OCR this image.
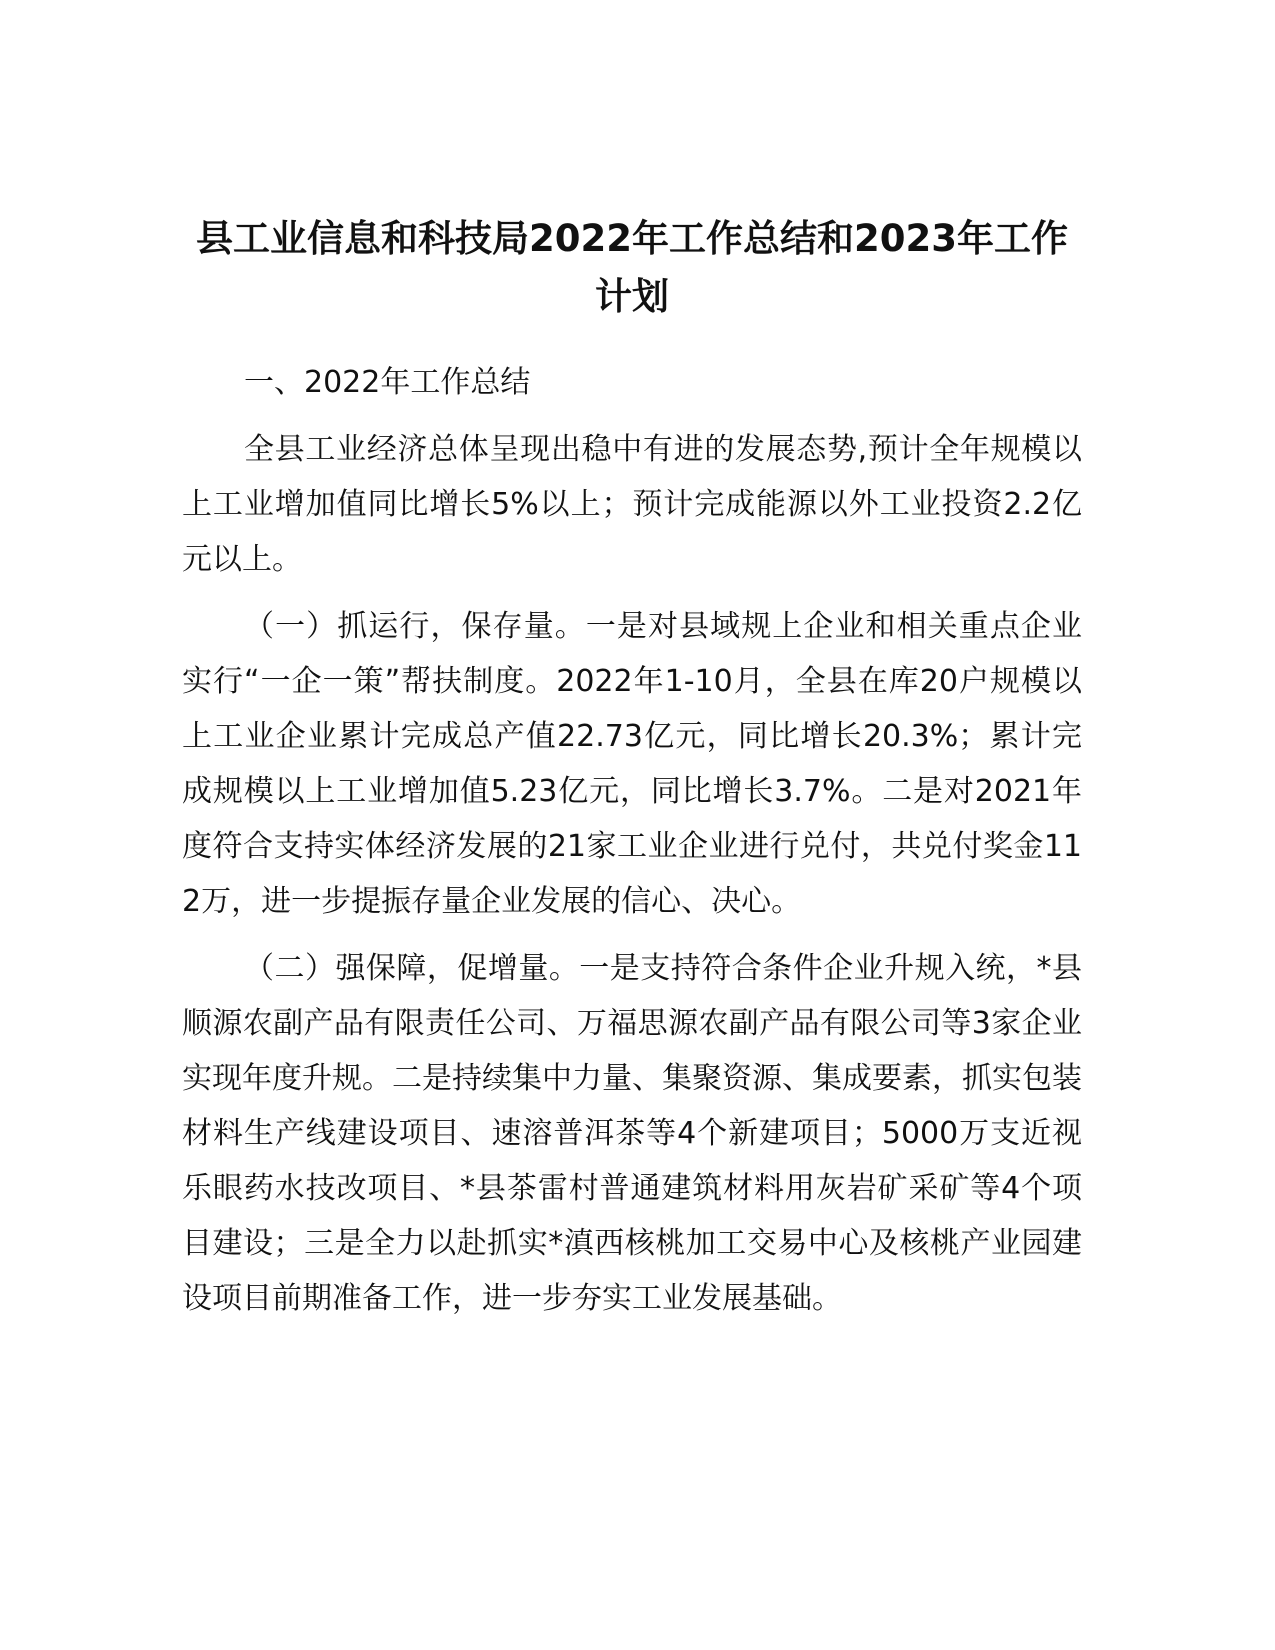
县工业信息和科技局2022年工作总结和2023年工作计划

一、2022年工作总结

全县工业经济总体呈现出稳中有进的发展态势,预计全年规模以上工业增加值同比增长5%以上；预计完成能源以外工业投资2.2亿元以上。

（一）抓运行，保存量。一是对县域规上企业和相关重点企业实行“一企一策”帮扶制度。2022年1-10月，全县在库20户规模以上工业企业累计完成总产值22.73亿元，同比增长20.3%；累计完成规模以上工业增加值5.23亿元，同比增长3.7%。二是对2021年度符合支持实体经济发展的21家工业企业进行兑付，共兑付奖金112万，进一步提振存量企业发展的信心、决心。

（二）强保障，促增量。一是支持符合条件企业升规入统，*县顺源农副产品有限责任公司、万福思源农副产品有限公司等3家企业实现年度升规。二是持续集中力量、集聚资源、集成要素，抓实包装材料生产线建设项目、速溶普洱茶等4个新建项目；5000万支近视乐眼药水技改项目、*县茶雷村普通建筑材料用灰岩矿采矿等4个项目建设；三是全力以赴抓实*滇西核桃加工交易中心及核桃产业园建设项目前期准备工作，进一步夯实工业发展基础。
